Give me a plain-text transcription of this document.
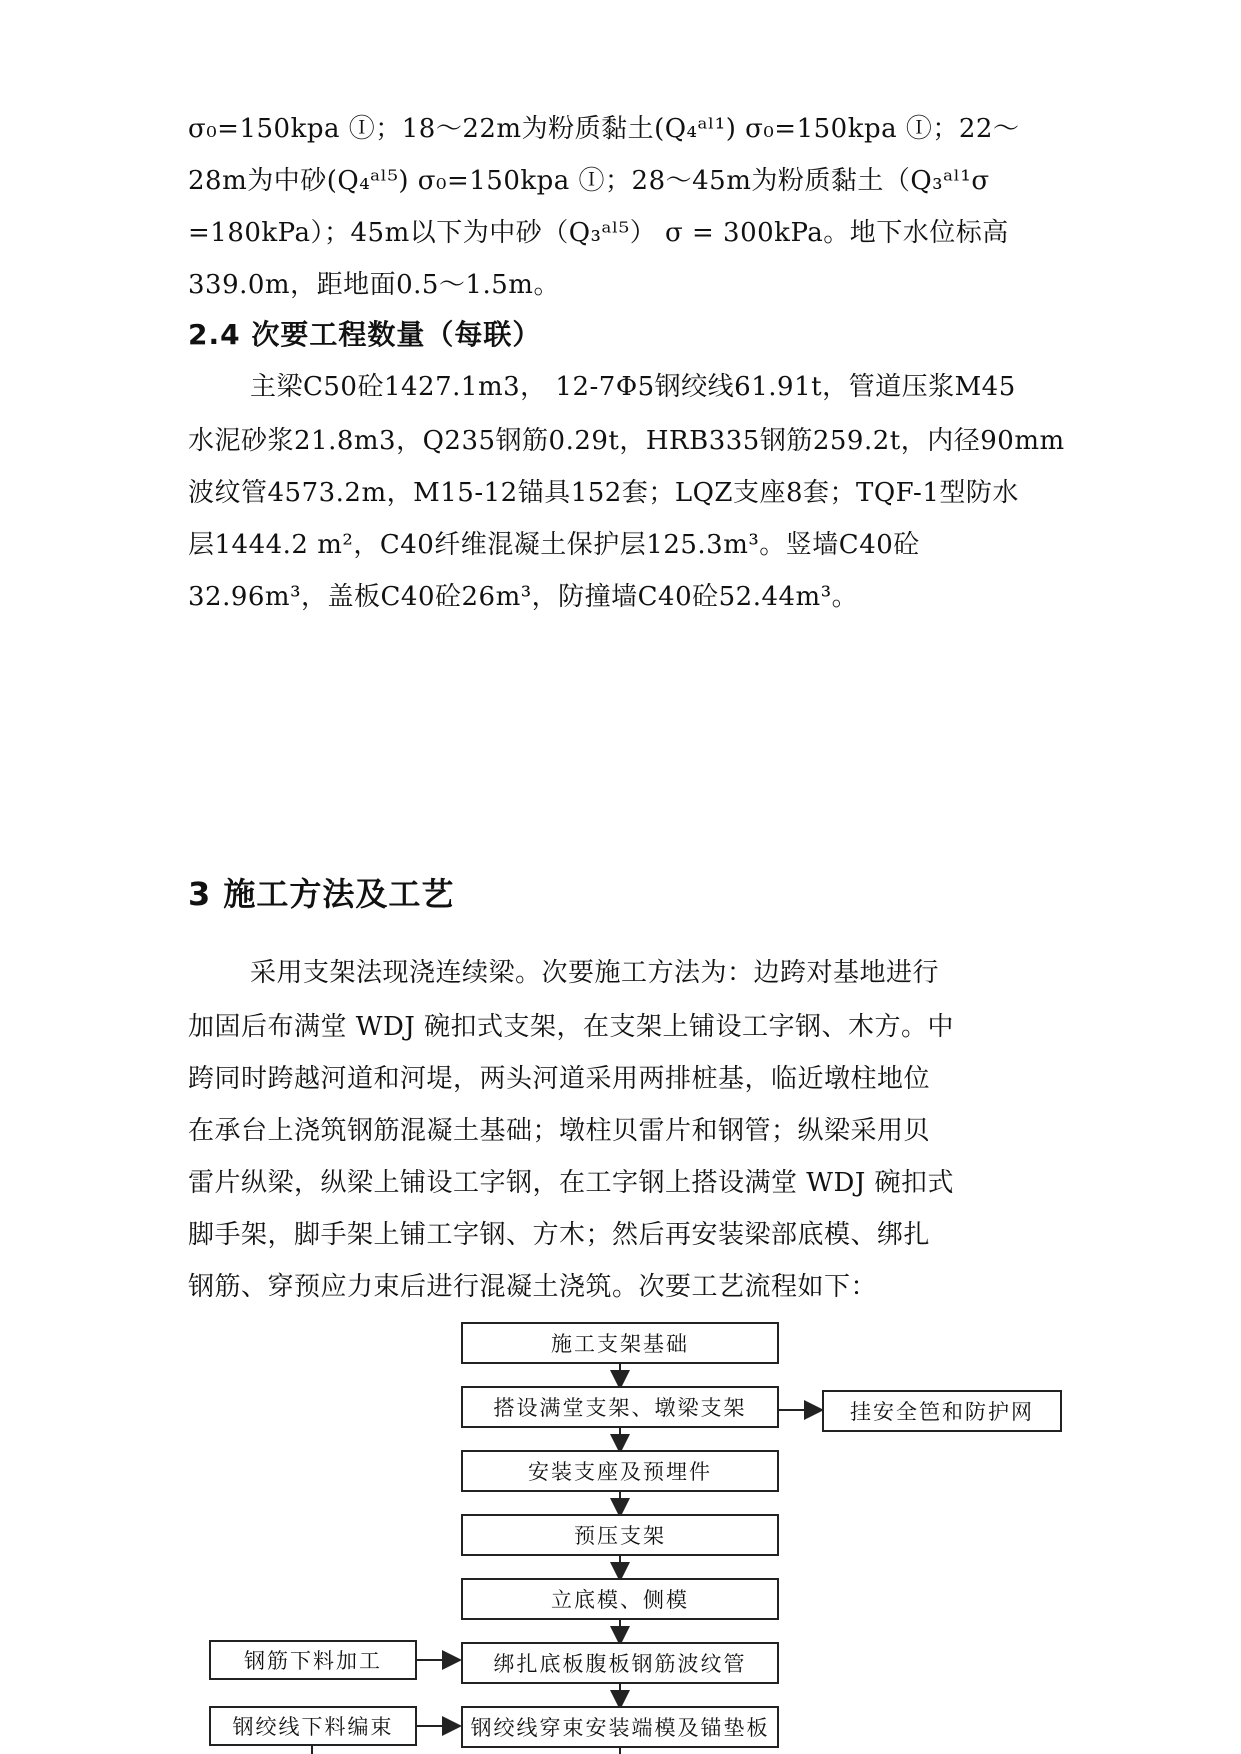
σ₀=150kpa Ⓘ；18～22m为粉质黏土(Q₄ᵃˡ¹) σ₀=150kpa Ⓘ；22～
28m为中砂(Q₄ᵃˡ⁵) σ₀=150kpa Ⓘ；28～45m为粉质黏土（Q₃ᵃˡ¹σ
=180kPa）；45m以下为中砂（Q₃ᵃˡ⁵） σ = 300kPa。地下水位标高
339.0m，距地面0.5～1.5m。
2.4 次要工程数量（每联）
主梁C50砼1427.1m3， 12-7Φ5钢绞线61.91t，管道压浆M45
水泥砂浆21.8m3，Q235钢筋0.29t，HRB335钢筋259.2t，内径90mm
波纹管4573.2m，M15-12锚具152套；LQZ支座8套；TQF-1型防水
层1444.2 m²，C40纤维混凝土保护层125.3m³。竖墙C40砼
32.96m³，盖板C40砼26m³，防撞墙C40砼52.44m³。
3 施工方法及工艺
采用支架法现浇连续梁。次要施工方法为：边跨对基地进行
加固后布满堂 WDJ 碗扣式支架，在支架上铺设工字钢、木方。中
跨同时跨越河道和河堤，两头河道采用两排桩基，临近墩柱地位
在承台上浇筑钢筋混凝土基础；墩柱贝雷片和钢管；纵梁采用贝
雷片纵梁，纵梁上铺设工字钢，在工字钢上搭设满堂 WDJ 碗扣式
脚手架，脚手架上铺工字钢、方木；然后再安装梁部底模、绑扎
钢筋、穿预应力束后进行混凝土浇筑。次要工艺流程如下：
施工支架基础
搭设满堂支架、墩梁支架
安装支座及预埋件
预压支架
立底模、侧模
绑扎底板腹板钢筋波纹管
钢绞线穿束安装端模及锚垫板
挂安全笆和防护网
钢筋下料加工
钢绞线下料编束
